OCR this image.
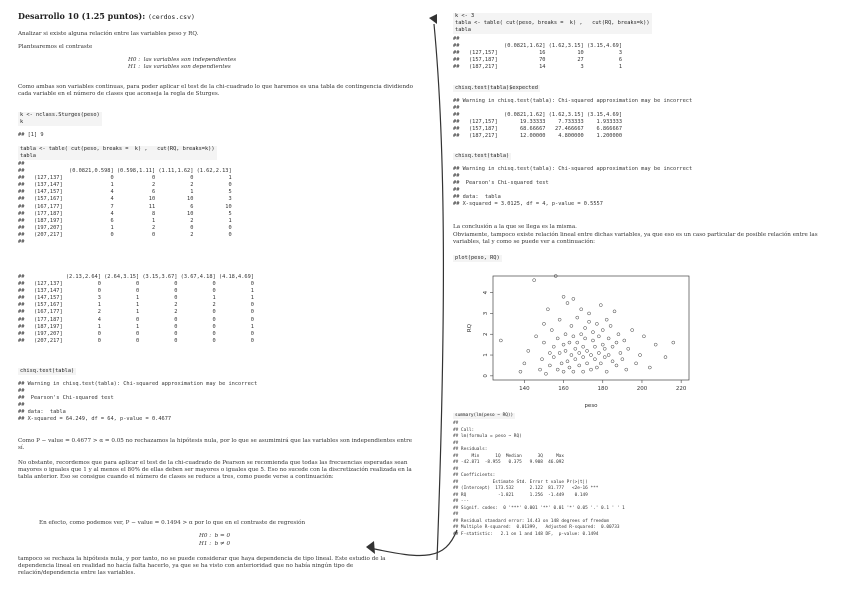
Desarrollo 10 (1.25 puntos): (cerdos.csv)
Analizar si existe alguna relación entre las variables peso y RQ.
Plantearemos el contraste
H0 :  las variables son independientes
H1 :  las variables son dependientes
Como ambas son variables continuas, para poder aplicar el test de la chi-cuadrado lo que haremos es una tabla de contingencia dividiendo cada variable en el número de clases que aconseja la regla de Sturges.
k <- nclass.Sturges(peso)
k
## [1] 9
tabla <- table( cut(peso, breaks =  k) ,   cut(RQ, breaks=k))
tabla
##
##              (0.0821,0.598] (0.598,1.11] (1.11,1.62] (1.62,2.13]
##   (127,137]               0            0           0           1
##   (137,147]               1            2           2           0
##   (147,157]               4            6           1           5
##   (157,167]               4           10          10           3
##   (167,177]               7           11           6          10
##   (177,187]               4            8          10           5
##   (187,197]               6            1           2           1
##   (197,207]               1            2           0           0
##   (207,217]               0            0           2           0
##
##             (2.13,2.64] (2.64,3.15] (3.15,3.67] (3.67,4.18] (4.18,4.69]
##   (127,137]           0           0           0           0           0
##   (137,147]           0           0           0           0           1
##   (147,157]           3           1           0           1           1
##   (157,167]           1           1           2           2           0
##   (167,177]           2           1           2           0           0
##   (177,187]           4           0           0           0           0
##   (187,197]           1           1           0           0           1
##   (197,207]           0           0           0           0           0
##   (207,217]           0           0           0           0           0
chisq.test(tabla)
## Warning in chisq.test(tabla): Chi-squared approximation may be incorrect
##
##  Pearson's Chi-squared test
##
## data:  tabla
## X-squared = 64.249, df = 64, p-value = 0.4677
Como P − value = 0.4677 > α = 0.05 no rechazamos la hipótesis nula, por lo que se asumimirá que las variables son independientes entre sí.
No obstante, recordemos que para aplicar el test de la chi-cuadrado de Pearson se recomienda que todas las frecuencias esperadas sean mayores o iguales que 1 y al menos el 80% de ellas deben ser mayores o iguales que 5. Eso no sucede con la discretización realizada en la tabla anterior. Eso se consigue cuando el número de clases se reduce a tres, como puede verse a continuación:
En efecto, como podemos ver, P − value = 0.1494 > α por lo que en el contraste de regresión
H0 :  b = 0
H1 :  b ≠ 0
tampoco se rechaza la hipótesis nula, y por tanto, no se puede considerar que haya dependencia de tipo lineal. Este estudio de la dependencia lineal en realidad no hacía falta hacerlo, ya que se ha visto con anterioridad que no había ningún tipo de relación/dependencia entre las variables.
k <- 3
tabla <- table( cut(peso, breaks =  k) ,   cut(RQ, breaks=k))
tabla
##
##              (0.0821,1.62] (1.62,3.15] (3.15,4.69]
##   (127,157]             16          10           3
##   (157,187]             70          27           6
##   (187,217]             14           3           1
chisq.test(tabla)$expected
## Warning in chisq.test(tabla): Chi-squared approximation may be incorrect
##
##              (0.0821,1.62] (1.62,3.15] (3.15,4.69]
##   (127,157]       19.33333    7.733333    1.933333
##   (157,187]       68.66667   27.466667    6.866667
##   (187,217]       12.00000    4.800000    1.200000
chisq.test(tabla)
## Warning in chisq.test(tabla): Chi-squared approximation may be incorrect
##
##  Pearson's Chi-squared test
##
## data:  tabla
## X-squared = 3.0125, df = 4, p-value = 0.5557
La conclusión a la que se llega es la misma.
Obviamente, tampoco existe relación lineal entre dichas variables, ya que eso es un caso particular de posible relación entre las variables, tal y como se puede ver a continuación:
plot(peso, RQ)
0
1
2
3
4
140	160	180	200	220
peso
RQ
summary(lm(peso ~ RQ))
##
## Call:
## lm(formula = peso ~ RQ)
##
## Residuals:
##     Min      1Q  Median      3Q     Max
## -42.871  -8.955   0.375   9.908  46.092
##
## Coefficients:
##             Estimate Std. Error t value Pr(>|t|)
## (Intercept)  173.532      2.122  81.777   <2e-16 ***
## RQ            -1.821      1.256  -1.449    0.149
## ---
## Signif. codes:  0 '***' 0.001 '**' 0.01 '*' 0.05 '.' 0.1 ' ' 1
##
## Residual standard error: 14.43 on 148 degrees of freedom
## Multiple R-squared:  0.01399,   Adjusted R-squared:  0.00733
## F-statistic:   2.1 on 1 and 148 DF,  p-value: 0.1494
